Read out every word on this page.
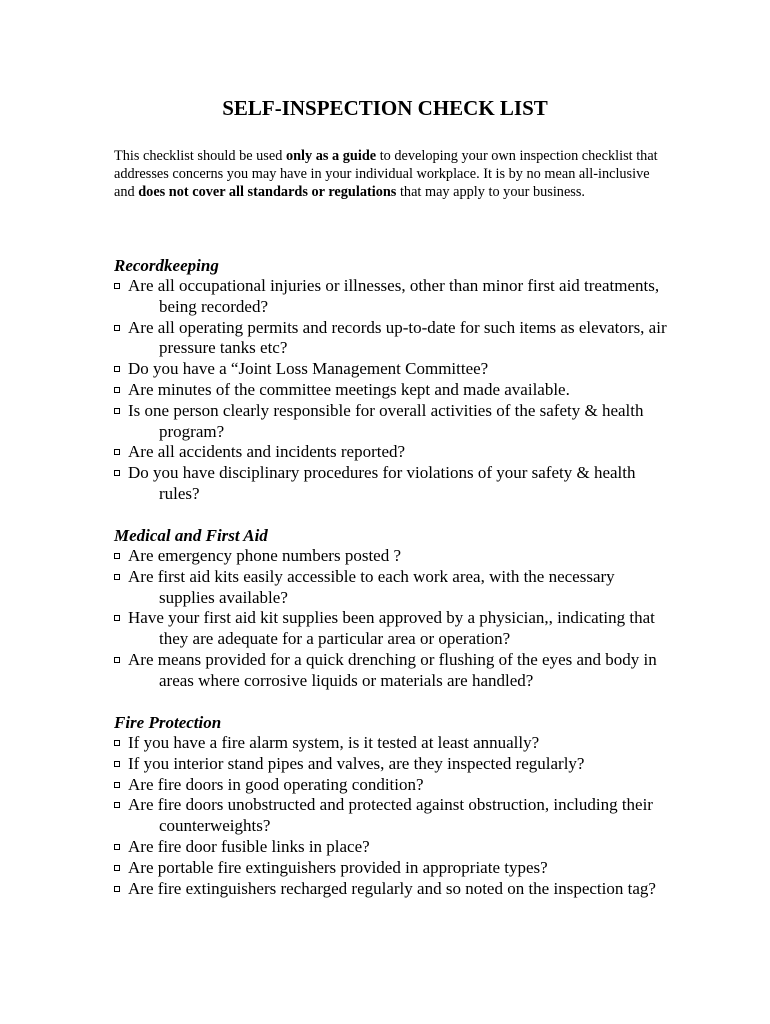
SELF-INSPECTION CHECK LIST

This checklist should be used only as a guide to developing your own inspection checklist that addresses concerns you may have in your individual workplace. It is by no mean all-inclusive and does not cover all standards or regulations that may apply to your business.

Recordkeeping
Are all occupational injuries or illnesses, other than minor first aid treatments, being recorded?
Are all operating permits and records up-to-date for such items as elevators, air pressure tanks etc?
Do you have a “Joint Loss Management Committee?
Are minutes of the committee meetings kept and made available.
Is one person clearly responsible for overall activities of the safety & health program?
Are all accidents and incidents reported?
Do you have disciplinary procedures for violations of your safety & health rules?
Medical and First Aid
Are emergency phone numbers posted ?
Are first aid kits easily accessible to each work area, with the necessary supplies available?
Have your first aid kit supplies been approved by a physician,, indicating that they are adequate for a particular area or operation?
Are means provided for a quick drenching or flushing of the eyes and body in areas where corrosive liquids or materials are handled?
Fire Protection
If you have a fire alarm system, is it tested at least annually?
If you interior stand pipes and valves, are they inspected regularly?
Are fire doors in good operating condition?
Are fire doors unobstructed and protected against obstruction, including their counterweights?
Are fire door fusible links in place?
Are portable fire extinguishers provided in appropriate types?
Are fire extinguishers recharged regularly and so noted on the inspection tag?
